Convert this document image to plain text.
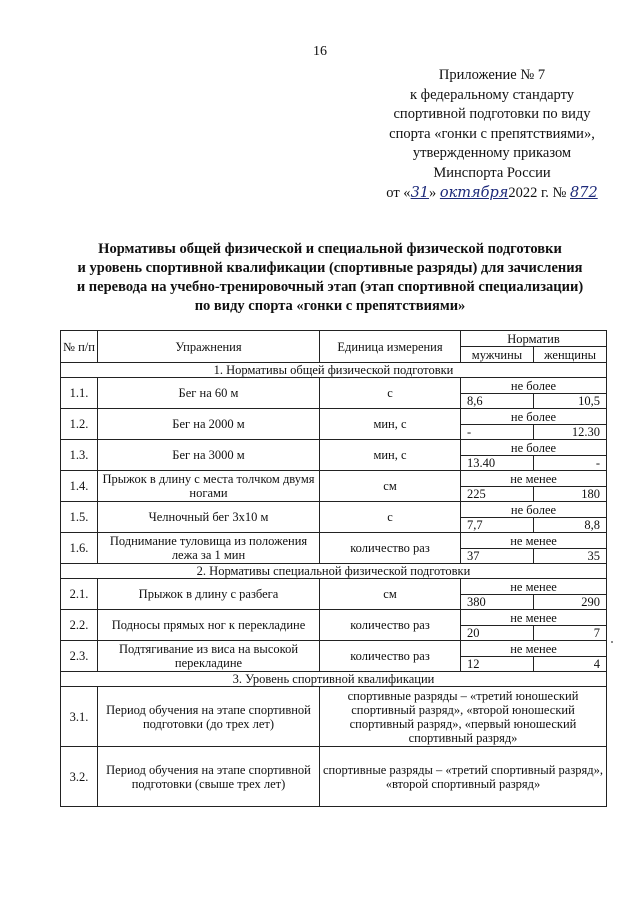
16
Приложение № 7
к федеральному стандарту
спортивной подготовки по виду
спорта «гонки с препятствиями»,
утвержденному приказом
Минспорта России
от «31» октября2022 г. № 872
Нормативы общей физической и специальной физической подготовки
и уровень спортивной квалификации (спортивные разряды) для зачисления
и перевода на учебно-тренировочный этап (этап спортивной специализации)
по виду спорта «гонки с препятствиями»
№ п/п	Упражнения	Единица измерения	Норматив	
			мужчины	женщины
1. Нормативы общей физической подготовки				
1.1.	Бег на 60 м	с	не более	
			8,6	10,5
1.2.	Бег на 2000 м	мин, с	не более	
			-	12.30
1.3.	Бег на 3000 м	мин, с	не более	
			13.40	-
1.4.	Прыжок в длину с места толчком двумя ногами	см	не менее	
			225	180
1.5.	Челночный бег 3х10 м	с	не более	
			7,7	8,8
1.6.	Поднимание туловища из положения лежа за 1 мин	количество раз	не менее	
			37	35
2. Нормативы специальной физической подготовки				
2.1.	Прыжок в длину с разбега	см	не менее	
			380	290
2.2.	Подносы прямых ног к перекладине	количество раз	не менее	
			20	7
2.3.	Подтягивание из виса на высокой перекладине	количество раз	не менее	
			12	4
3. Уровень спортивной квалификации				
3.1.	Период обучения на этапе спортивной подготовки (до трех лет)	спортивные разряды – «третий юношеский спортивный разряд», «второй юношеский спортивный разряд», «первый юношеский спортивный разряд»		
3.2.	Период обучения на этапе спортивной подготовки (свыше трех лет)	спортивные разряды – «третий спортивный разряд», «второй спортивный разряд»		
